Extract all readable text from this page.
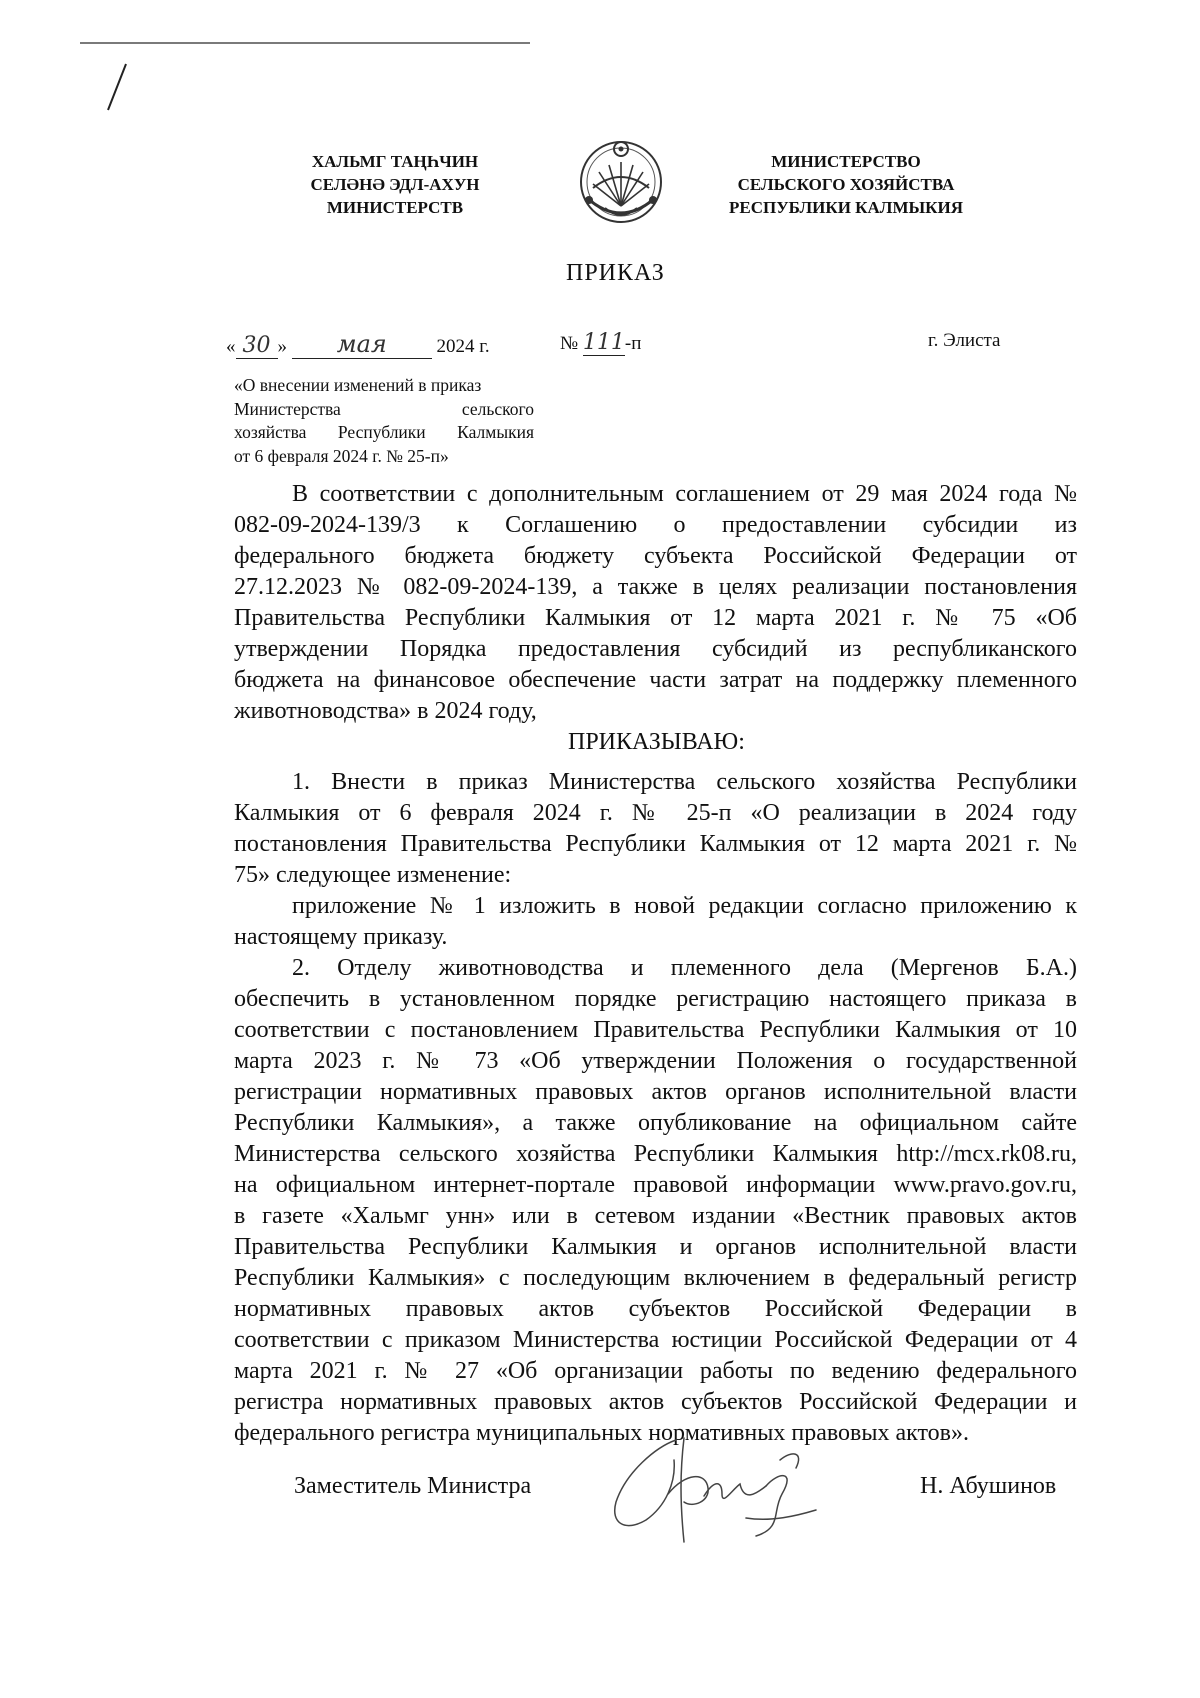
ХАЛЬМГ ТАҢҺЧИН
СЕЛӘНӘ ЭДЛ-АХУН
МИНИСТЕРСТВ
МИНИСТЕРСТВО
СЕЛЬСКОГО ХОЗЯЙСТВА
РЕСПУБЛИКИ КАЛМЫКИЯ
ПРИКАЗ
« 30 » мая	2024 г.	№ 111-п	г. Элиста
«О внесении изменений в приказ
Министерства сельского
хозяйства Республики Калмыкия
от 6 февраля 2024 г. № 25-п»
В соответствии с дополнительным соглашением от 29 мая 2024 года №
082-09-2024-139/3 к Соглашению о предоставлении субсидии из
федерального бюджета бюджету субъекта Российской Федерации от
27.12.2023 № 082-09-2024-139, а также в целях реализации постановления
Правительства Республики Калмыкия от 12 марта 2021 г. № 75 «Об
утверждении Порядка предоставления субсидий из республиканского
бюджета на финансовое обеспечение части затрат на поддержку племенного
животноводства» в 2024 году,
ПРИКАЗЫВАЮ:
1. Внести в приказ Министерства сельского хозяйства Республики
Калмыкия от 6 февраля 2024 г. № 25-п «О реализации в 2024 году
постановления Правительства Республики Калмыкия от 12 марта 2021 г. №
75» следующее изменение:
приложение № 1 изложить в новой редакции согласно приложению к
настоящему приказу.
2. Отделу животноводства и племенного дела (Мергенов Б.А.)
обеспечить в установленном порядке регистрацию настоящего приказа в
соответствии с постановлением Правительства Республики Калмыкия от 10
марта 2023 г. № 73 «Об утверждении Положения о государственной
регистрации нормативных правовых актов органов исполнительной власти
Республики Калмыкия», а также опубликование на официальном сайте
Министерства сельского хозяйства Республики Калмыкия http://mcx.rk08.ru,
на официальном интернет-портале правовой информации www.pravo.gov.ru,
в газете «Хальмг унн» или в сетевом издании «Вестник правовых актов
Правительства Республики Калмыкия и органов исполнительной власти
Республики Калмыкия» с последующим включением в федеральный регистр
нормативных правовых актов субъектов Российской Федерации в
соответствии с приказом Министерства юстиции Российской Федерации от 4
марта 2021 г. № 27 «Об организации работы по ведению федерального
регистра нормативных правовых актов субъектов Российской Федерации и
федерального регистра муниципальных нормативных правовых актов».
Заместитель Министра	Н. Абушинов
